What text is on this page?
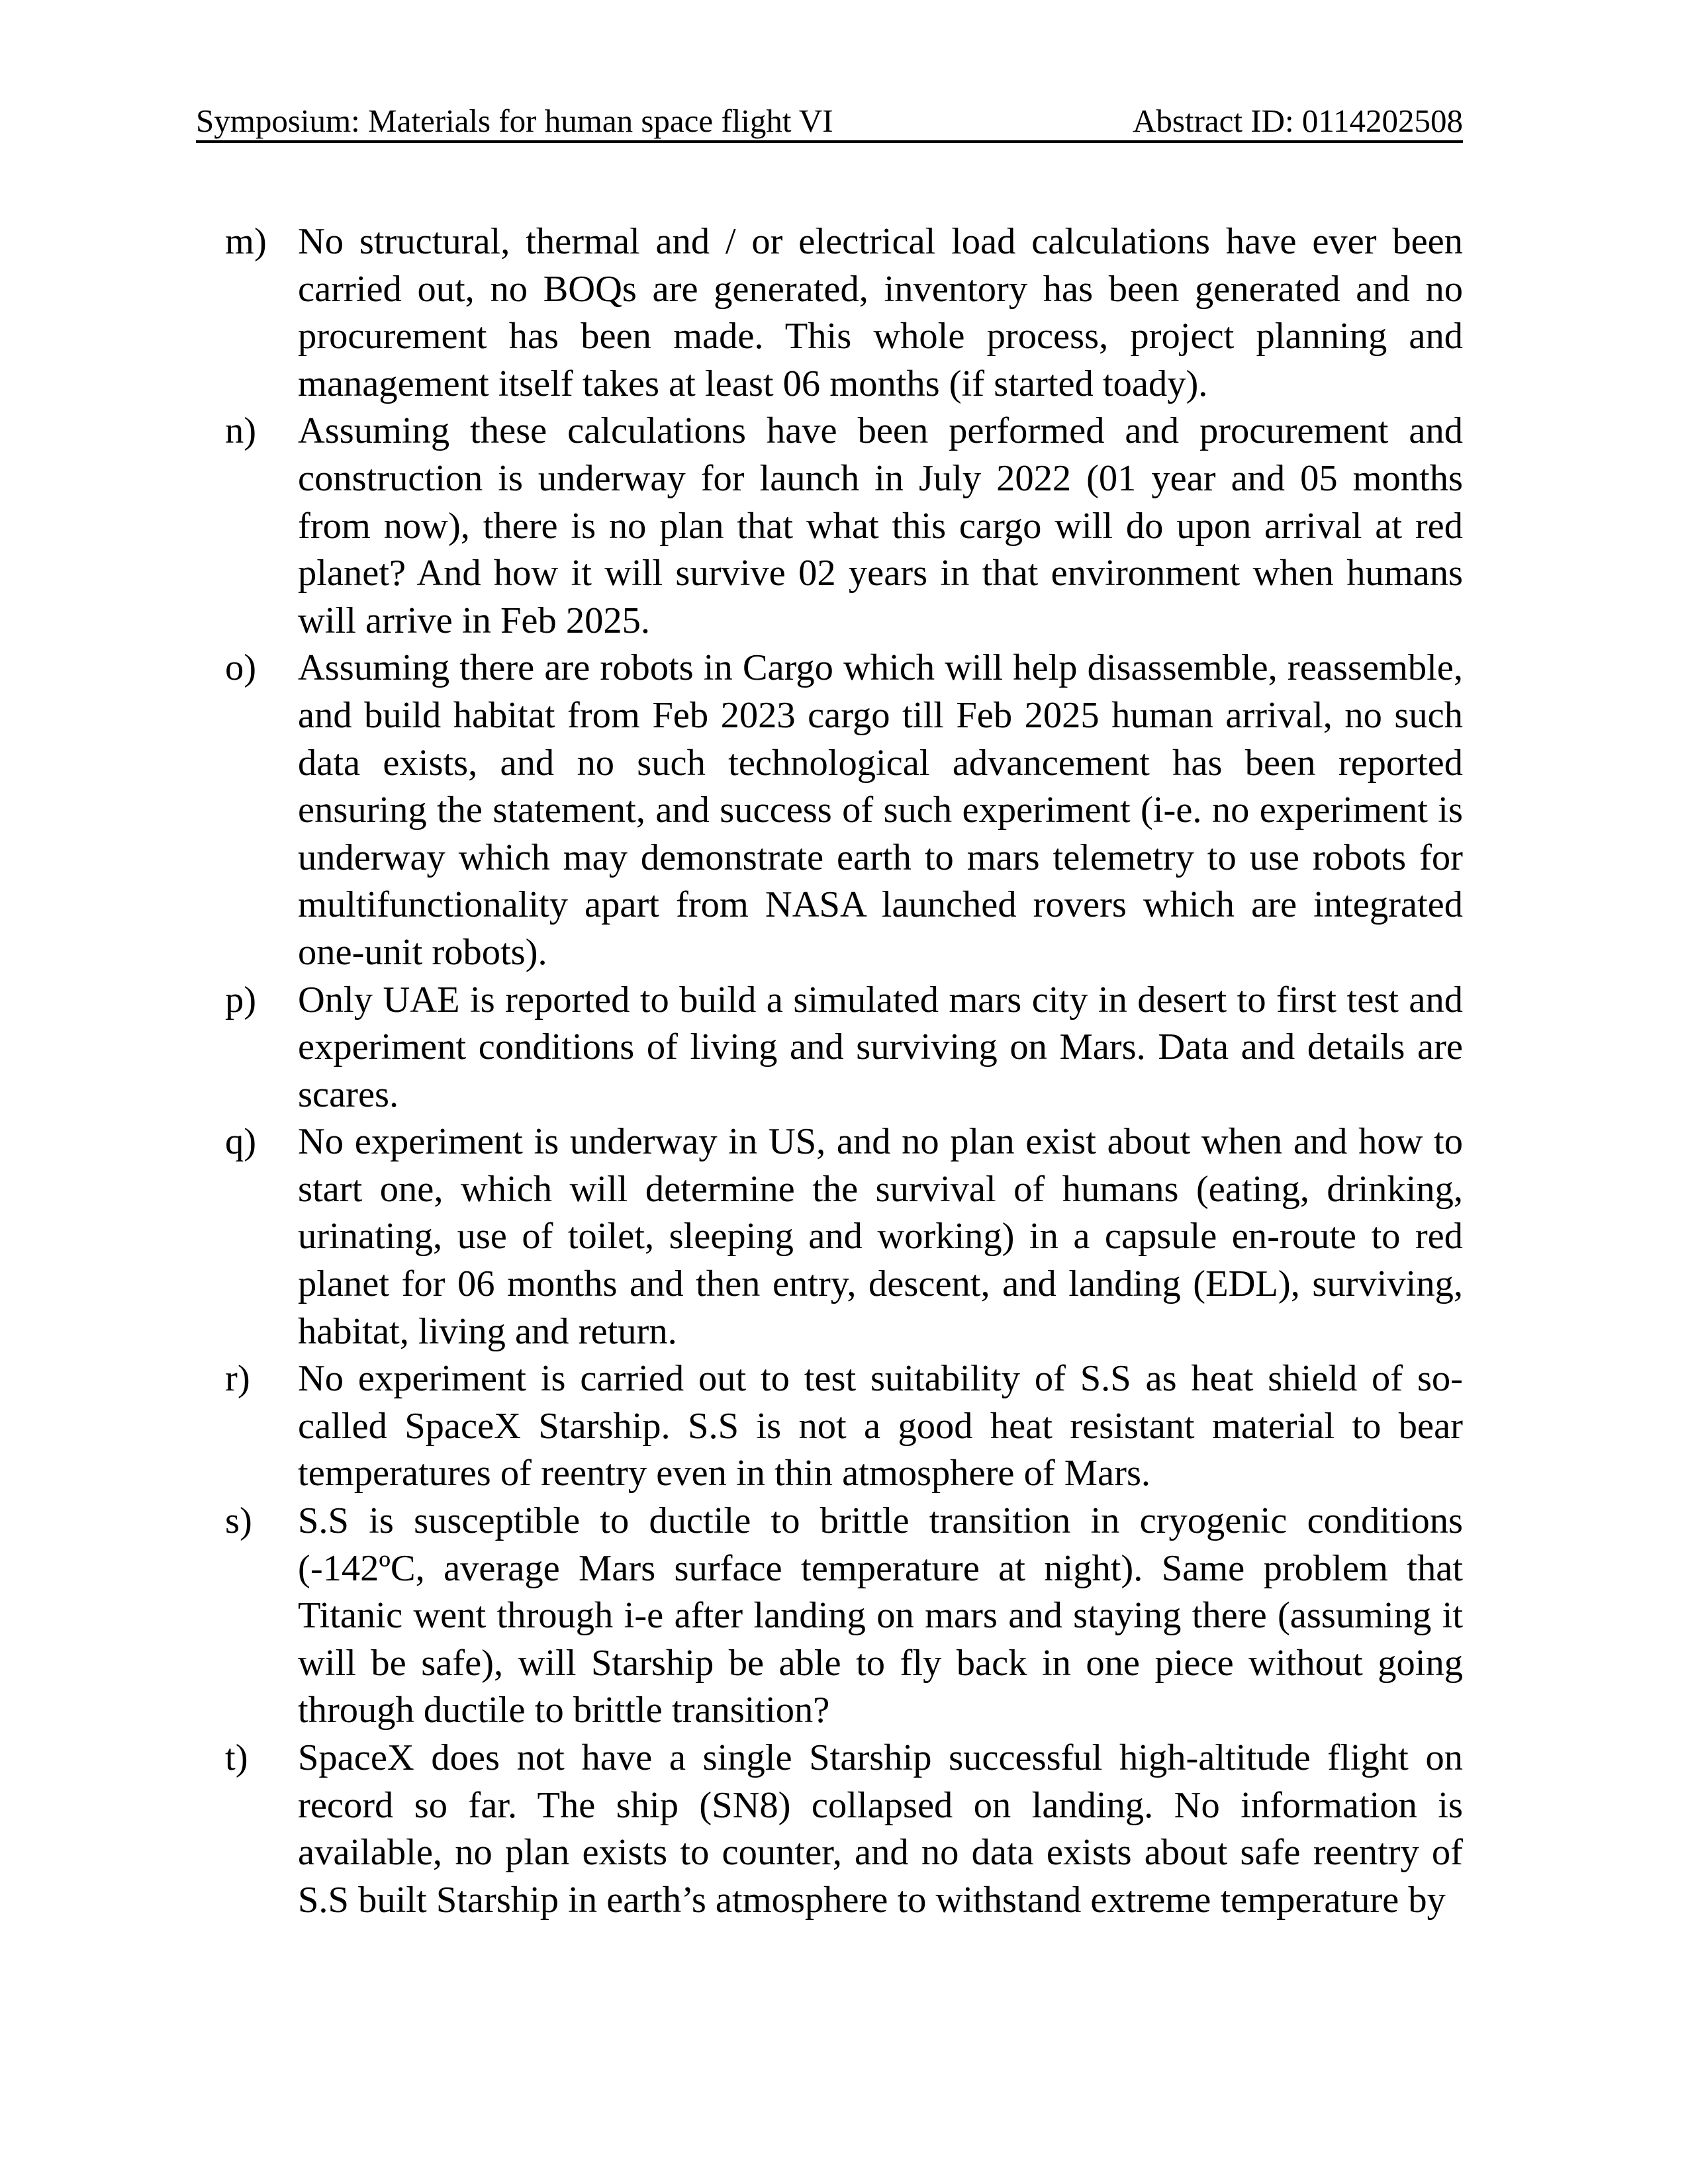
Symposium: Materials for human space flight VI	Abstract ID: 0114202508
m) No structural, thermal and / or electrical load calculations have ever been carried out, no BOQs are generated, inventory has been generated and no procurement has been made. This whole process, project planning and management itself takes at least 06 months (if started toady).
n)	Assuming these calculations have been performed and procurement and construction is underway for launch in July 2022 (01 year and 05 months from now), there is no plan that what this cargo will do upon arrival at red planet? And how it will survive 02 years in that environment when humans will arrive in Feb 2025.
o)	Assuming there are robots in Cargo which will help disassemble, reassemble, and build habitat from Feb 2023 cargo till Feb 2025 human arrival, no such data exists, and no such technological advancement has been reported ensuring the statement, and success of such experiment (i-e. no experiment is underway which may demonstrate earth to mars telemetry to use robots for multifunctionality apart from NASA launched rovers which are integrated one-unit robots).
p)	Only UAE is reported to build a simulated mars city in desert to first test and experiment conditions of living and surviving on Mars. Data and details are scares.
q)	No experiment is underway in US, and no plan exist about when and how to start one, which will determine the survival of humans (eating, drinking, urinating, use of toilet, sleeping and working) in a capsule en-route to red planet for 06 months and then entry, descent, and landing (EDL), surviving, habitat, living and return.
r)	No experiment is carried out to test suitability of S.S as heat shield of so-called SpaceX Starship. S.S is not a good heat resistant material to bear temperatures of reentry even in thin atmosphere of Mars.
s)	S.S is susceptible to ductile to brittle transition in cryogenic conditions (-142ºC, average Mars surface temperature at night). Same problem that Titanic went through i-e after landing on mars and staying there (assuming it will be safe), will Starship be able to fly back in one piece without going through ductile to brittle transition?
t)	SpaceX does not have a single Starship successful high-altitude flight on record so far. The ship (SN8) collapsed on landing. No information is available, no plan exists to counter, and no data exists about safe reentry of S.S built Starship in earth’s atmosphere to withstand extreme temperature by
